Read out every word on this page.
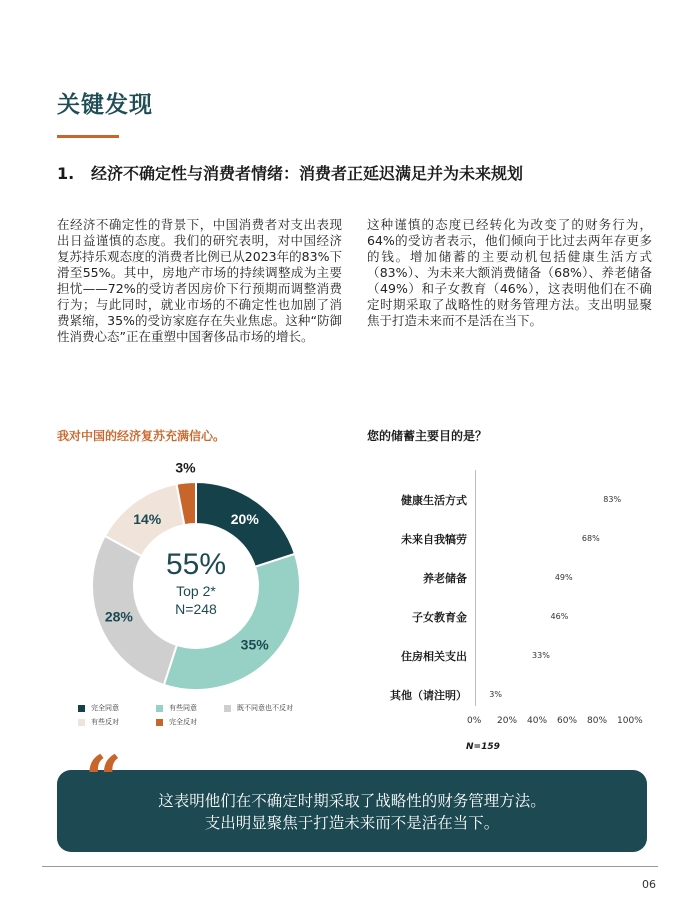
关键发现
1. 经济不确定性与消费者情绪：消费者正延迟满足并为未来规划
在经济不确定性的背景下，中国消费者对支出表现出日益谨慎的态度。我们的研究表明，对中国经济复苏持乐观态度的消费者比例已从2023年的83%下滑至55%。其中，房地产市场的持续调整成为主要担忧——72%的受访者因房价下行预期而调整消费行为；与此同时，就业市场的不确定性也加剧了消费紧缩，35%的受访家庭存在失业焦虑。这种“防御性消费心态”正在重塑中国奢侈品市场的增长。
这种谨慎的态度已经转化为改变了的财务行为，64%的受访者表示，他们倾向于比过去两年存更多的钱。增加储蓄的主要动机包括健康生活方式（83%）、为未来大额消费储备（68%）、养老储备（49%）和子女教育（46%），这表明他们在不确定时期采取了战略性的财务管理方法。支出明显聚焦于打造未来而不是活在当下。
我对中国的经济复苏充满信心。	您的储蓄主要目的是？
20%
35%
28%
14%
3%
55%
Top 2*
N=248
完全同意	有些同意	既不同意也不反对
有些反对	完全反对
N=159
健康生活方式	83%
未来自我犒劳	68%
养老储备	49%
子女教育金	46%
住房相关支出	33%
其他（请注明）	3%
0% 20% 40% 60% 80% 100%
“	这表明他们在不确定时期采取了战略性的财务管理方法。
支出明显聚焦于打造未来而不是活在当下。
06
